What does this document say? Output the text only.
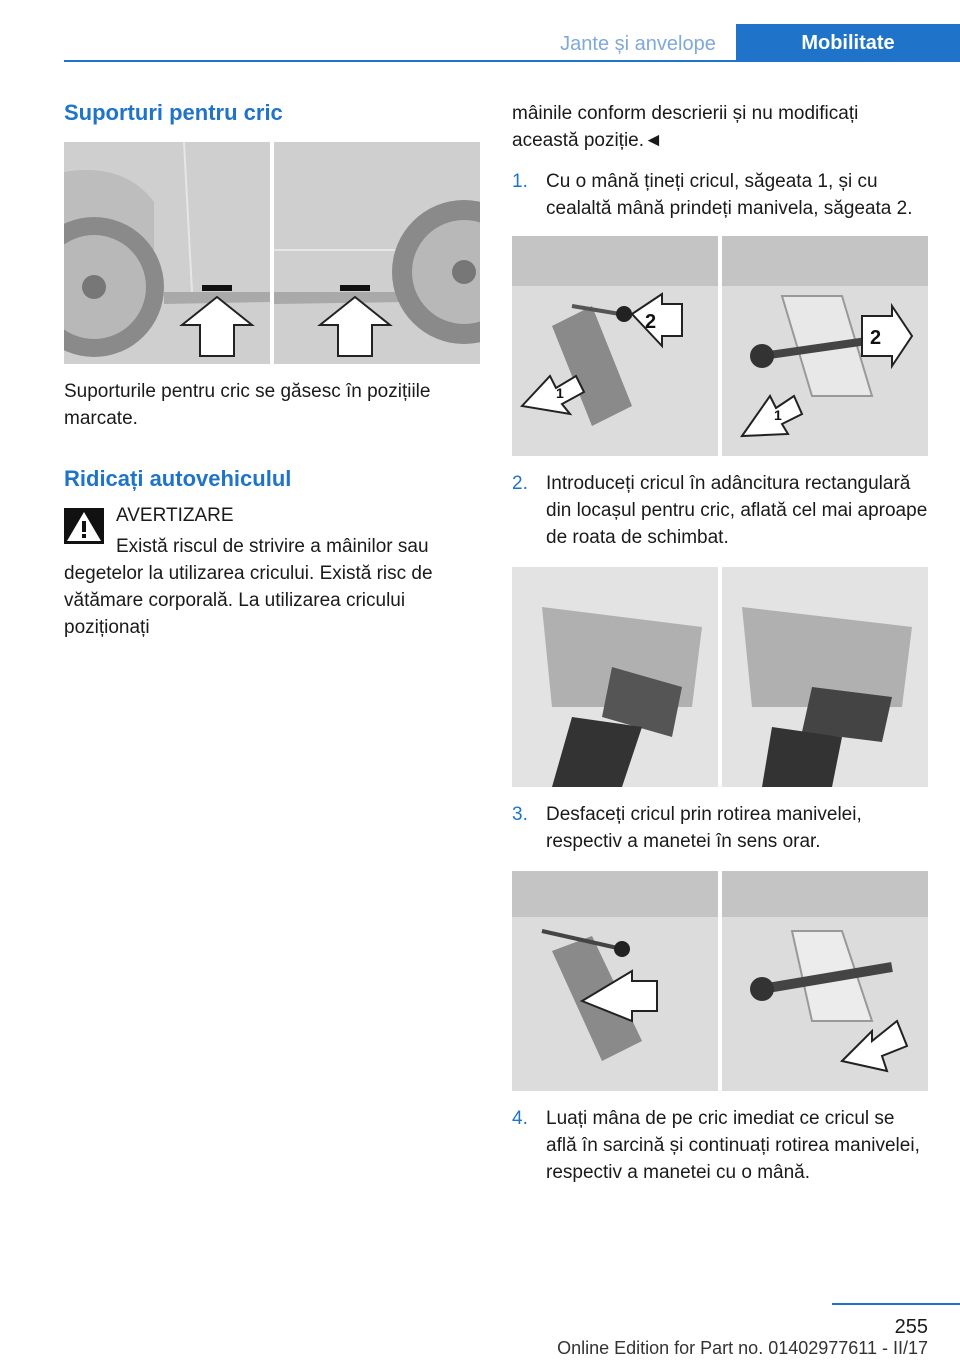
Jante și anvelope	Mobilitate
Suporturi pentru cric

Suporturile pentru cric se găsesc în pozițiile marcate.

Ridicați autovehiculul
AVERTIZARE

Există riscul de strivire a mâinilor sau degetelor la utilizarea cricului. Există risc de vătămare corporală. La utilizarea cricului poziționați

mâinile conform descrierii și nu modificați această poziție.◄

1. Cu o mână țineți cricul, săgeata 1, și cu cealaltă mână prindeți manivela, săgeata 2.
1
2
2
1
2. Introduceți cricul în adâncitura rectangulară din locașul pentru cric, aflată cel mai aproape de roata de schimbat.
3. Desfaceți cricul prin rotirea manivelei, respectiv a manetei în sens orar.
4. Luați mâna de pe cric imediat ce cricul se află în sarcină și continuați rotirea manivelei, respectiv a manetei cu o mână.
255
Online Edition for Part no. 01402977611 - II/17
